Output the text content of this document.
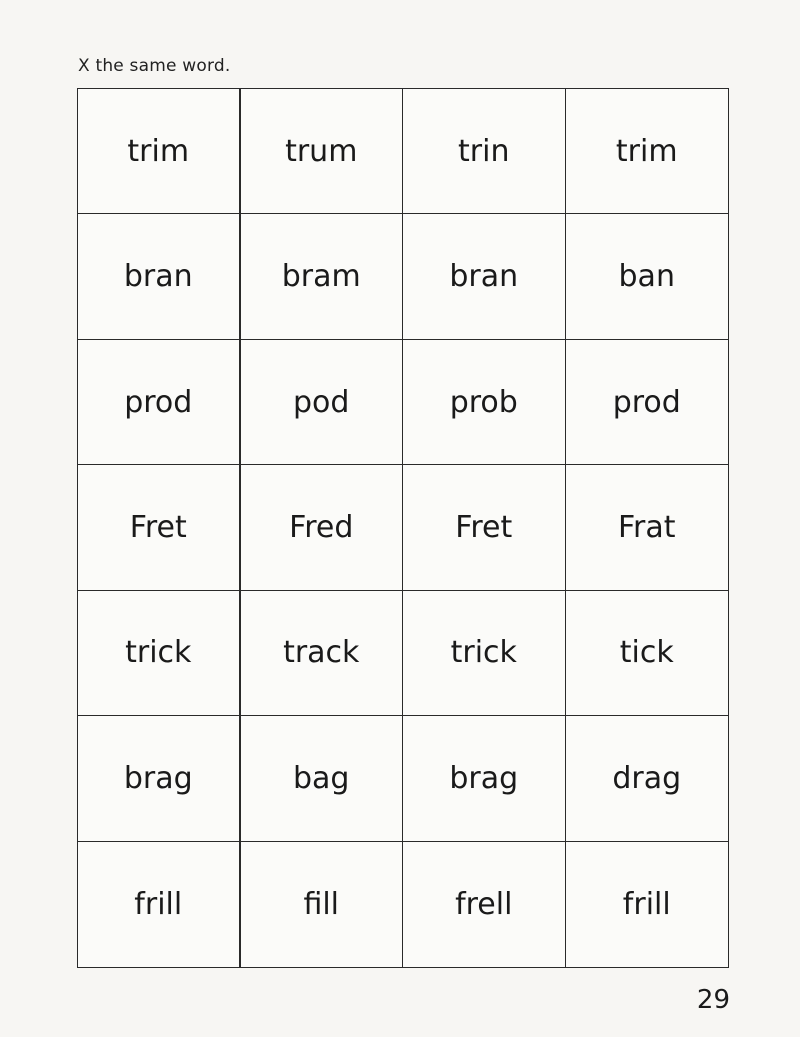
X the same word.
trim	trum	trin	trim
bran	bram	bran	ban
prod	pod	prob	prod
Fret	Fred	Fret	Frat
trick	track	trick	tick
brag	bag	brag	drag
frill	fill	frell	frill
29
